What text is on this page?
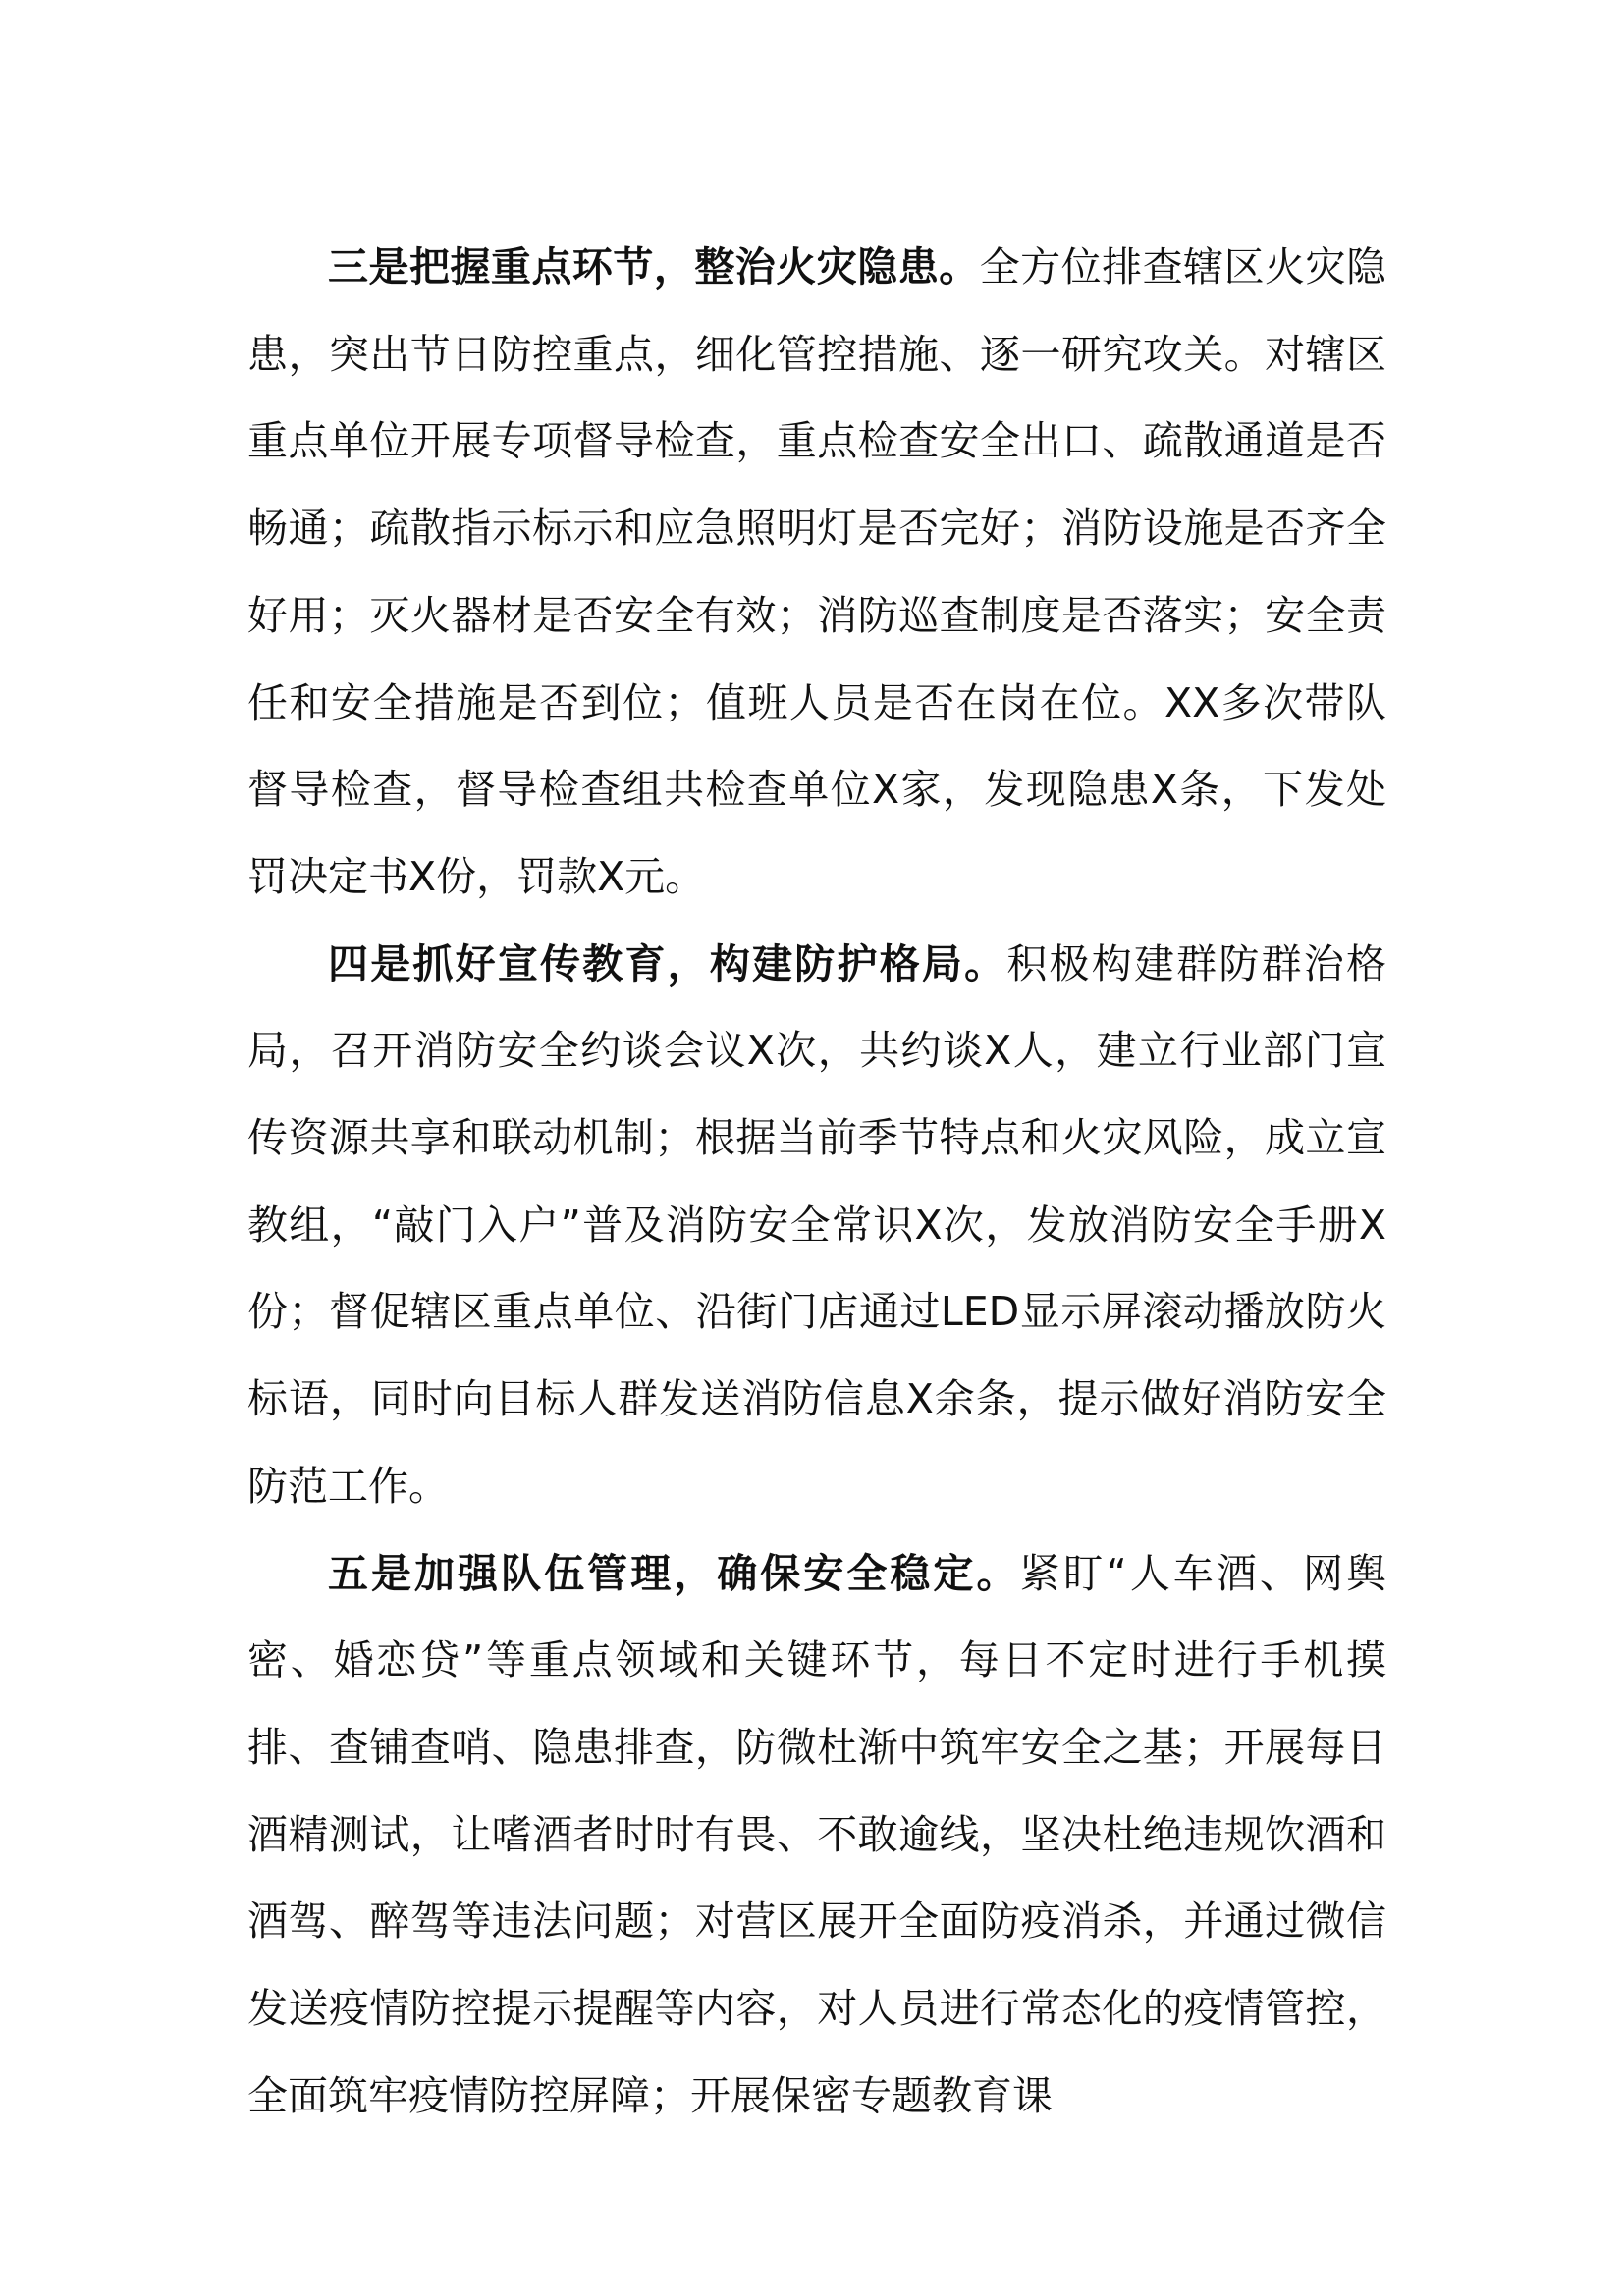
三是把握重点环节，整治火灾隐患。全方位排查辖区火灾隐患，突出节日防控重点，细化管控措施、逐一研究攻关。对辖区重点单位开展专项督导检查，重点检查安全出口、疏散通道是否畅通；疏散指示标示和应急照明灯是否完好；消防设施是否齐全好用；灭火器材是否安全有效；消防巡查制度是否落实；安全责任和安全措施是否到位；值班人员是否在岗在位。XX多次带队督导检查，督导检查组共检查单位X家，发现隐患X条，下发处罚决定书X份，罚款X元。

四是抓好宣传教育，构建防护格局。积极构建群防群治格局，召开消防安全约谈会议X次，共约谈X人，建立行业部门宣传资源共享和联动机制；根据当前季节特点和火灾风险，成立宣教组，“敲门入户”普及消防安全常识X次，发放消防安全手册X份；督促辖区重点单位、沿街门店通过LED显示屏滚动播放防火标语，同时向目标人群发送消防信息X余条，提示做好消防安全防范工作。

五是加强队伍管理，确保安全稳定。紧盯“人车酒、网舆密、婚恋贷”等重点领域和关键环节，每日不定时进行手机摸排、查铺查哨、隐患排查，防微杜渐中筑牢安全之基；开展每日酒精测试，让嗜酒者时时有畏、不敢逾线，坚决杜绝违规饮酒和酒驾、醉驾等违法问题；对营区展开全面防疫消杀，并通过微信发送疫情防控提示提醒等内容，对人员进行常态化的疫情管控，全面筑牢疫情防控屏障；开展保密专题教育课
